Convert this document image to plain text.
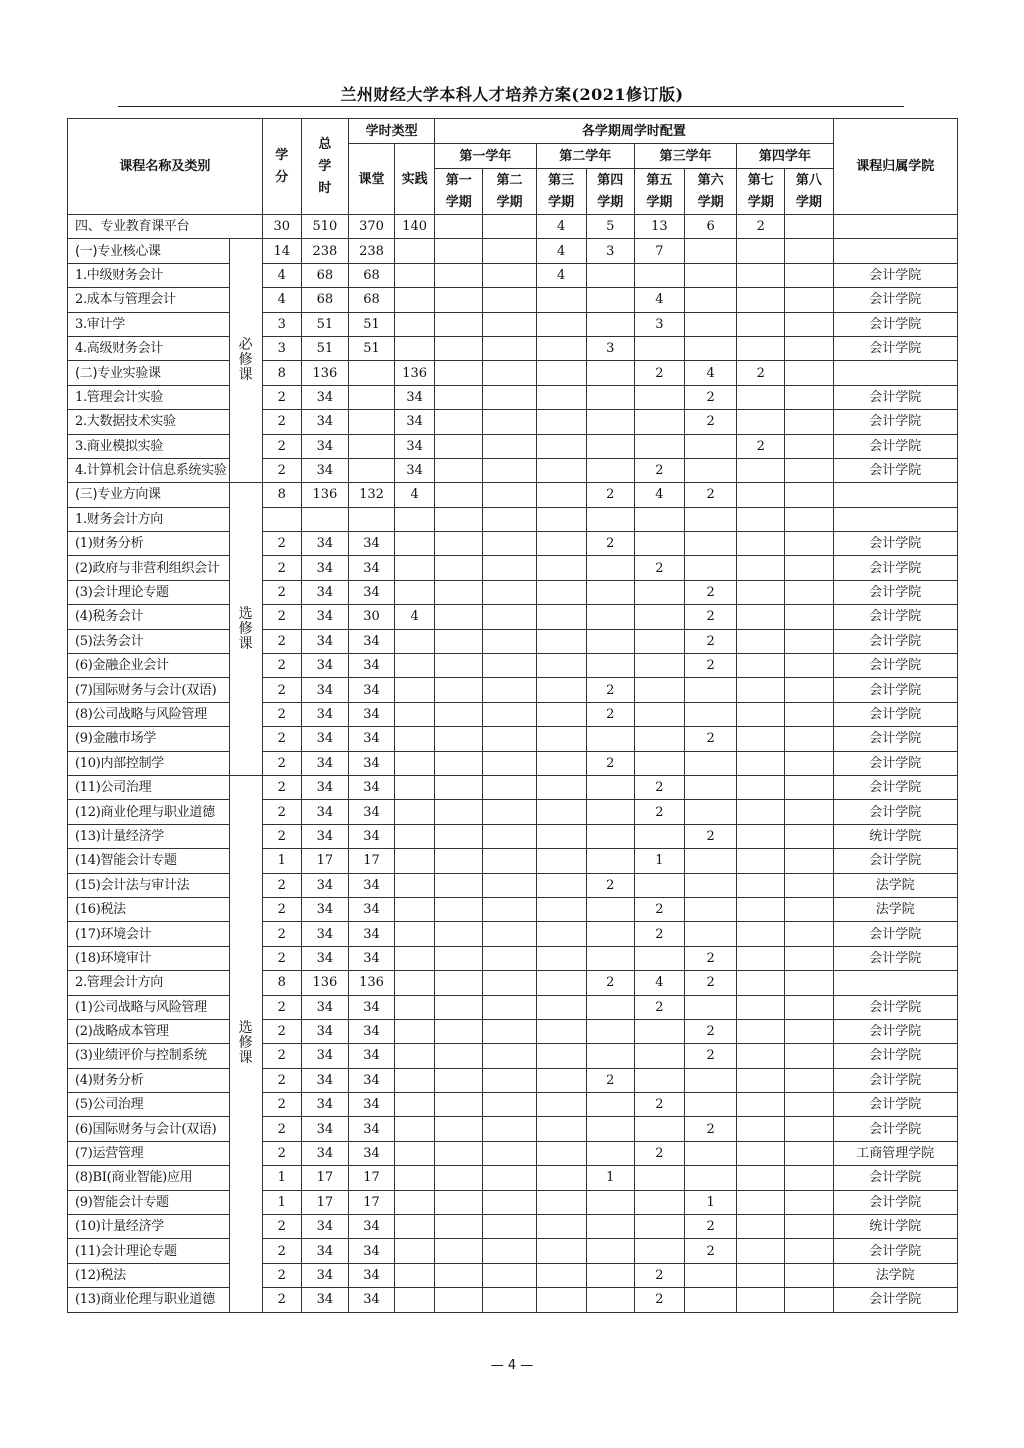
兰州财经大学本科人才培养方案(2021修订版)
课程名称及类别		学分	总学时	学时类型		各学期周学时配置								课程归属学院
				课堂	实践	第一学年		第二学年		第三学年		第四学年		
						第一学期	第二学期	第三学期	第四学期	第五学期	第六学期	第七学期	第八学期	
四、专业教育课平台		30	510	370	140			4	5	13	6	2		
(一)专业核心课	必修课	14	238	238				4	3	7				
1.中级财务会计		4	68	68				4						会计学院
2.成本与管理会计		4	68	68						4				会计学院
3.审计学		3	51	51						3				会计学院
4.高级财务会计		3	51	51					3					会计学院
(二)专业实验课		8	136		136					2	4	2		
1.管理会计实验		2	34		34						2			会计学院
2.大数据技术实验		2	34		34						2			会计学院
3.商业模拟实验		2	34		34							2		会计学院
4.计算机会计信息系统实验		2	34		34					2				会计学院
(三)专业方向课	选修课	8	136	132	4				2	4	2			
1.财务会计方向														
(1)财务分析		2	34	34					2					会计学院
(2)政府与非营利组织会计		2	34	34						2				会计学院
(3)会计理论专题		2	34	34							2			会计学院
(4)税务会计		2	34	30	4						2			会计学院
(5)法务会计		2	34	34							2			会计学院
(6)金融企业会计		2	34	34							2			会计学院
(7)国际财务与会计(双语)		2	34	34					2					会计学院
(8)公司战略与风险管理		2	34	34					2					会计学院
(9)金融市场学		2	34	34							2			会计学院
(10)内部控制学		2	34	34					2					会计学院
(11)公司治理	选修课	2	34	34						2				会计学院
(12)商业伦理与职业道德		2	34	34						2				会计学院
(13)计量经济学		2	34	34							2			统计学院
(14)智能会计专题		1	17	17						1				会计学院
(15)会计法与审计法		2	34	34					2					法学院
(16)税法		2	34	34						2				法学院
(17)环境会计		2	34	34						2				会计学院
(18)环境审计		2	34	34							2			会计学院
2.管理会计方向		8	136	136					2	4	2			
(1)公司战略与风险管理		2	34	34						2				会计学院
(2)战略成本管理		2	34	34							2			会计学院
(3)业绩评价与控制系统		2	34	34							2			会计学院
(4)财务分析		2	34	34					2					会计学院
(5)公司治理		2	34	34						2				会计学院
(6)国际财务与会计(双语)		2	34	34							2			会计学院
(7)运营管理		2	34	34						2				工商管理学院
(8)BI(商业智能)应用		1	17	17					1					会计学院
(9)智能会计专题		1	17	17							1			会计学院
(10)计量经济学		2	34	34							2			统计学院
(11)会计理论专题		2	34	34							2			会计学院
(12)税法		2	34	34						2				法学院
(13)商业伦理与职业道德		2	34	34						2				会计学院
— 4 —
